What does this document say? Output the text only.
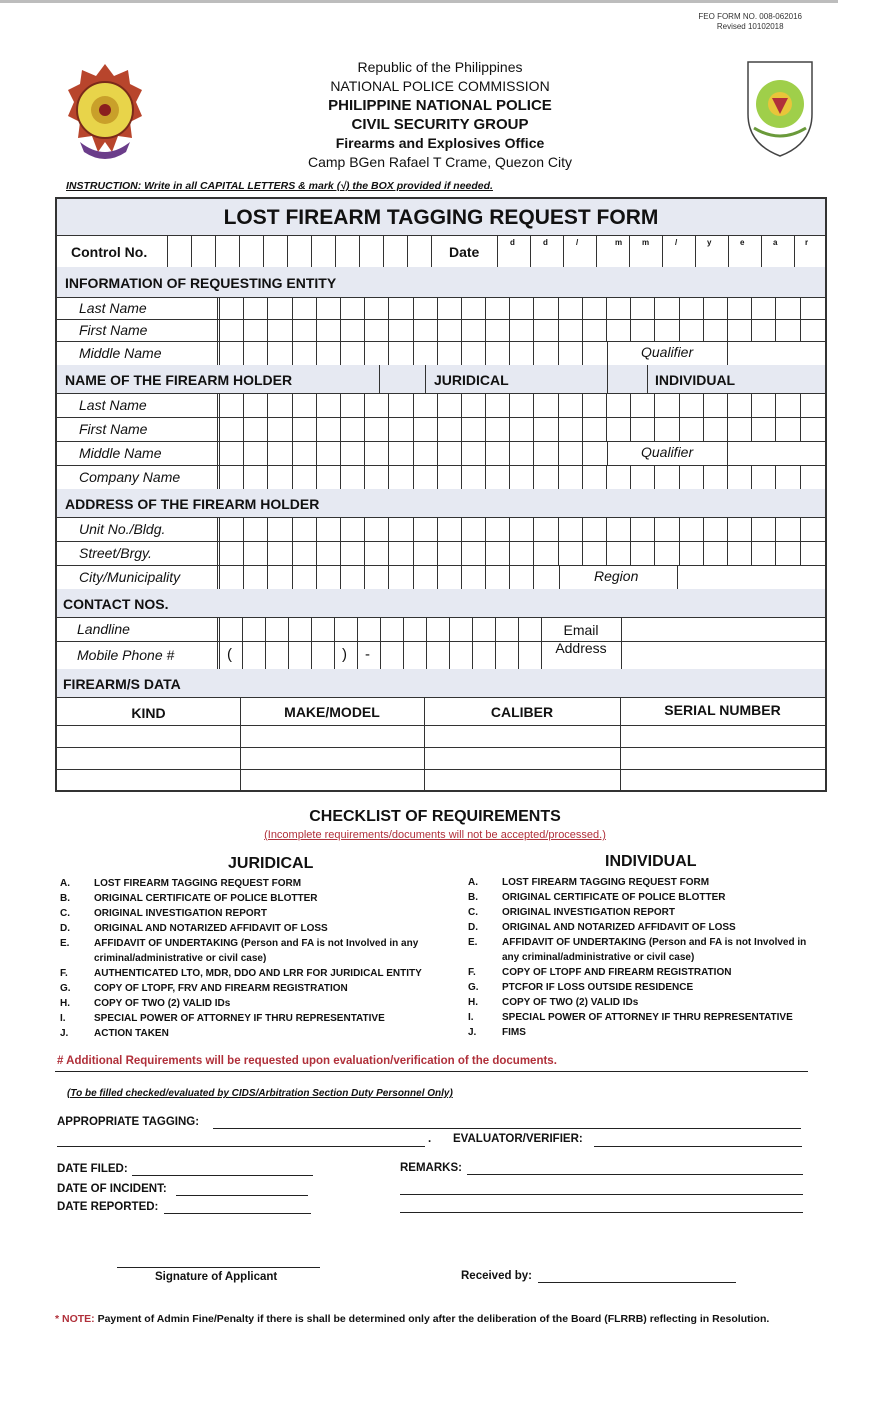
FEO FORM NO. 008-062016
Revised 10102018
Republic of the Philippines
NATIONAL POLICE COMMISSION
PHILIPPINE NATIONAL POLICE
CIVIL SECURITY GROUP
Firearms and Explosives Office
Camp BGen Rafael T Crame, Quezon City
INSTRUCTION: Write in all CAPITAL LETTERS & mark (√) the BOX provided if needed.
LOST FIREARM TAGGING REQUEST FORM
Control No.	Date
d	d	/	m m	/	y	e	a	r
INFORMATION OF REQUESTING ENTITY
Last Name
First Name
Middle Name	Qualifier
NAME OF THE FIREARM HOLDER	JURIDICAL	INDIVIDUAL
Last Name
First Name
Middle Name	Qualifier
Company Name
ADDRESS OF THE FIREARM HOLDER
Unit No./Bldg.
Street/Brgy.
City/Municipality	Region
CONTACT NOS.
Landline
Mobile Phone #	(	) -
Email
Address
FIREARM/S DATA
KIND	MAKE/MODEL	CALIBER	SERIAL NUMBER
CHECKLIST OF REQUIREMENTS
(Incomplete requirements/documents will not be accepted/processed.)
JURIDICAL	INDIVIDUAL
A.	LOST FIREARM TAGGING REQUEST FORM
B.	ORIGINAL CERTIFICATE OF POLICE BLOTTER
C.	ORIGINAL INVESTIGATION REPORT
D.	ORIGINAL AND NOTARIZED AFFIDAVIT OF LOSS
E.	AFFIDAVIT OF UNDERTAKING (Person and FA is not Involved in any criminal/administrative or civil case)
F.	AUTHENTICATED LTO, MDR, DDO AND LRR FOR JURIDICAL ENTITY
G.	COPY OF LTOPF, FRV AND FIREARM REGISTRATION
H.	COPY OF TWO (2) VALID IDs
I.	SPECIAL POWER OF ATTORNEY IF THRU REPRESENTATIVE
J.	ACTION TAKEN
A.	LOST FIREARM TAGGING REQUEST FORM
B.	ORIGINAL CERTIFICATE OF POLICE BLOTTER
C.	ORIGINAL INVESTIGATION REPORT
D.	ORIGINAL AND NOTARIZED AFFIDAVIT OF LOSS
E.	AFFIDAVIT OF UNDERTAKING (Person and FA is not Involved in any criminal/administrative or civil case)
F.	COPY OF LTOPF AND FIREARM REGISTRATION
G.	PTCFOR IF LOSS OUTSIDE RESIDENCE
H.	COPY OF TWO (2) VALID IDs
I.	SPECIAL POWER OF ATTORNEY IF THRU REPRESENTATIVE
J.	FIMS
# Additional Requirements will be requested upon evaluation/verification of the documents.
(To be filled checked/evaluated by CIDS/Arbitration Section Duty Personnel Only)
APPROPRIATE TAGGING:
. EVALUATOR/VERIFIER:
DATE FILED:
DATE OF INCIDENT:
DATE REPORTED:
REMARKS:
Signature of Applicant	Received by:
* NOTE: Payment of Admin Fine/Penalty if there is shall be determined only after the deliberation of the Board (FLRRB) reflecting in Resolution.
